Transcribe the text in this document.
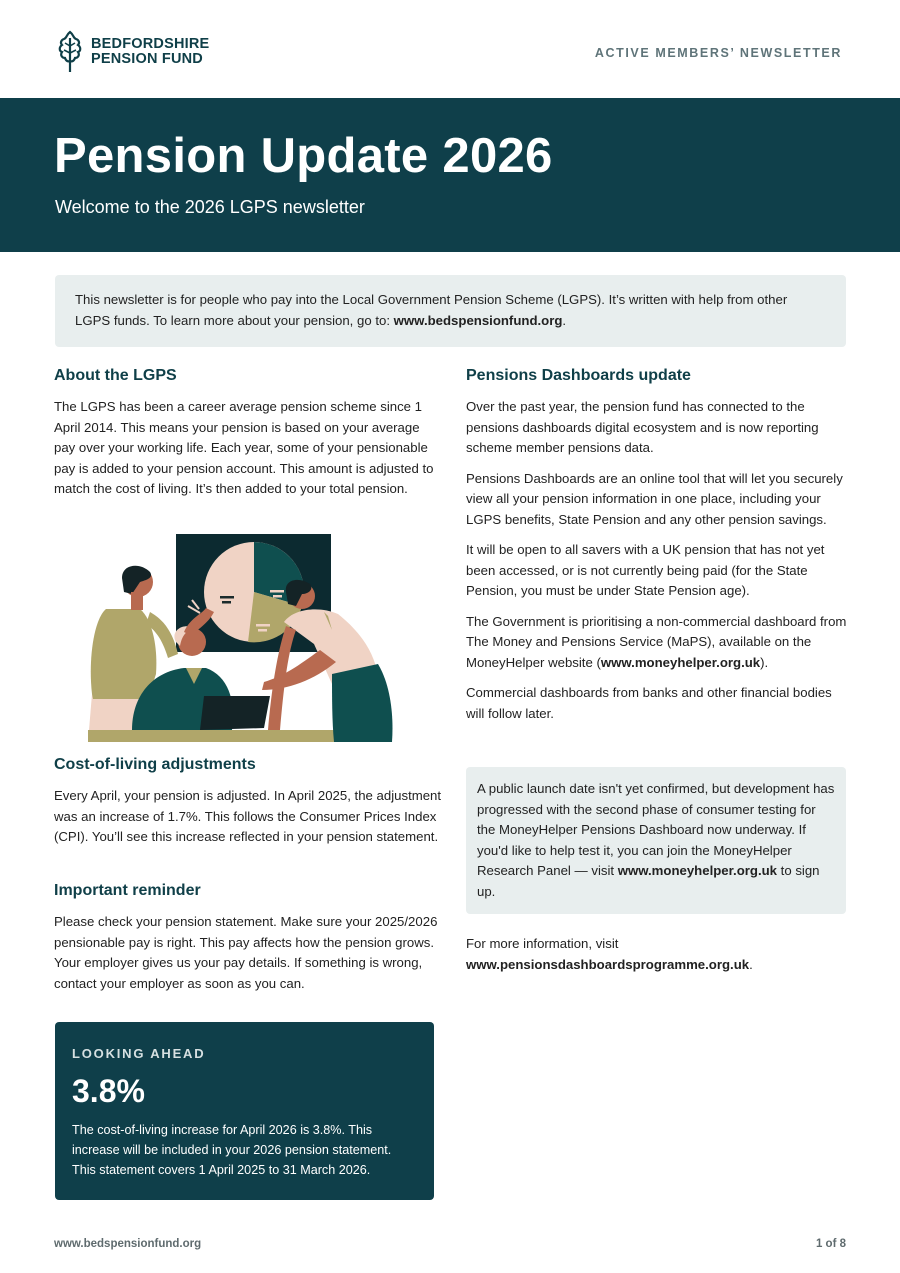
BEDFORDSHIRE
PENSION FUND	ACTIVE MEMBERS’ NEWSLETTER
Pension Update 2026

Welcome to the 2026 LGPS newsletter

This newsletter is for people who pay into the Local Government Pension Scheme (LGPS). It’s written with help from other LGPS funds. To learn more about your pension, go to: www.bedspensionfund.org.
About the LGPS

The LGPS has been a career average pension scheme since 1 April 2014. This means your pension is based on your average pay over your working life. Each year, some of your pensionable pay is added to your pension account. This amount is adjusted to match the cost of living. It’s then added to your total pension.

Cost-of-living adjustments

Every April, your pension is adjusted. In April 2025, the adjustment was an increase of 1.7%. This follows the Consumer Prices Index (CPI). You’ll see this increase reflected in your pension statement.

Important reminder

Please check your pension statement. Make sure your 2025/2026 pensionable pay is right. This pay affects how the pension grows. Your employer gives us your pay details. If something is wrong, contact your employer as soon as you can.

LOOKING AHEAD
3.8%
The cost-of-living increase for April 2026 is 3.8%. This increase will be included in your 2026 pension statement. This statement covers 1 April 2025 to 31 March 2026.
Pensions Dashboards update

Over the past year, the pension fund has connected to the pensions dashboards digital ecosystem and is now reporting scheme member pensions data.

Pensions Dashboards are an online tool that will let you securely view all your pension information in one place, including your LGPS benefits, State Pension and any other pension savings.

It will be open to all savers with a UK pension that has not yet been accessed, or is not currently being paid (for the State Pension, you must be under State Pension age).

The Government is prioritising a non-commercial dashboard from The Money and Pensions Service (MaPS), available on the MoneyHelper website (www.moneyhelper.org.uk).

Commercial dashboards from banks and other financial bodies will follow later.

A public launch date isn't yet confirmed, but development has progressed with the second phase of consumer testing for the MoneyHelper Pensions Dashboard now underway. If you'd like to help test it, you can join the MoneyHelper Research Panel — visit www.moneyhelper.org.uk to sign up.
For more information, visit
www.pensionsdashboardsprogramme.org.uk.
www.bedspensionfund.org	1 of 8
